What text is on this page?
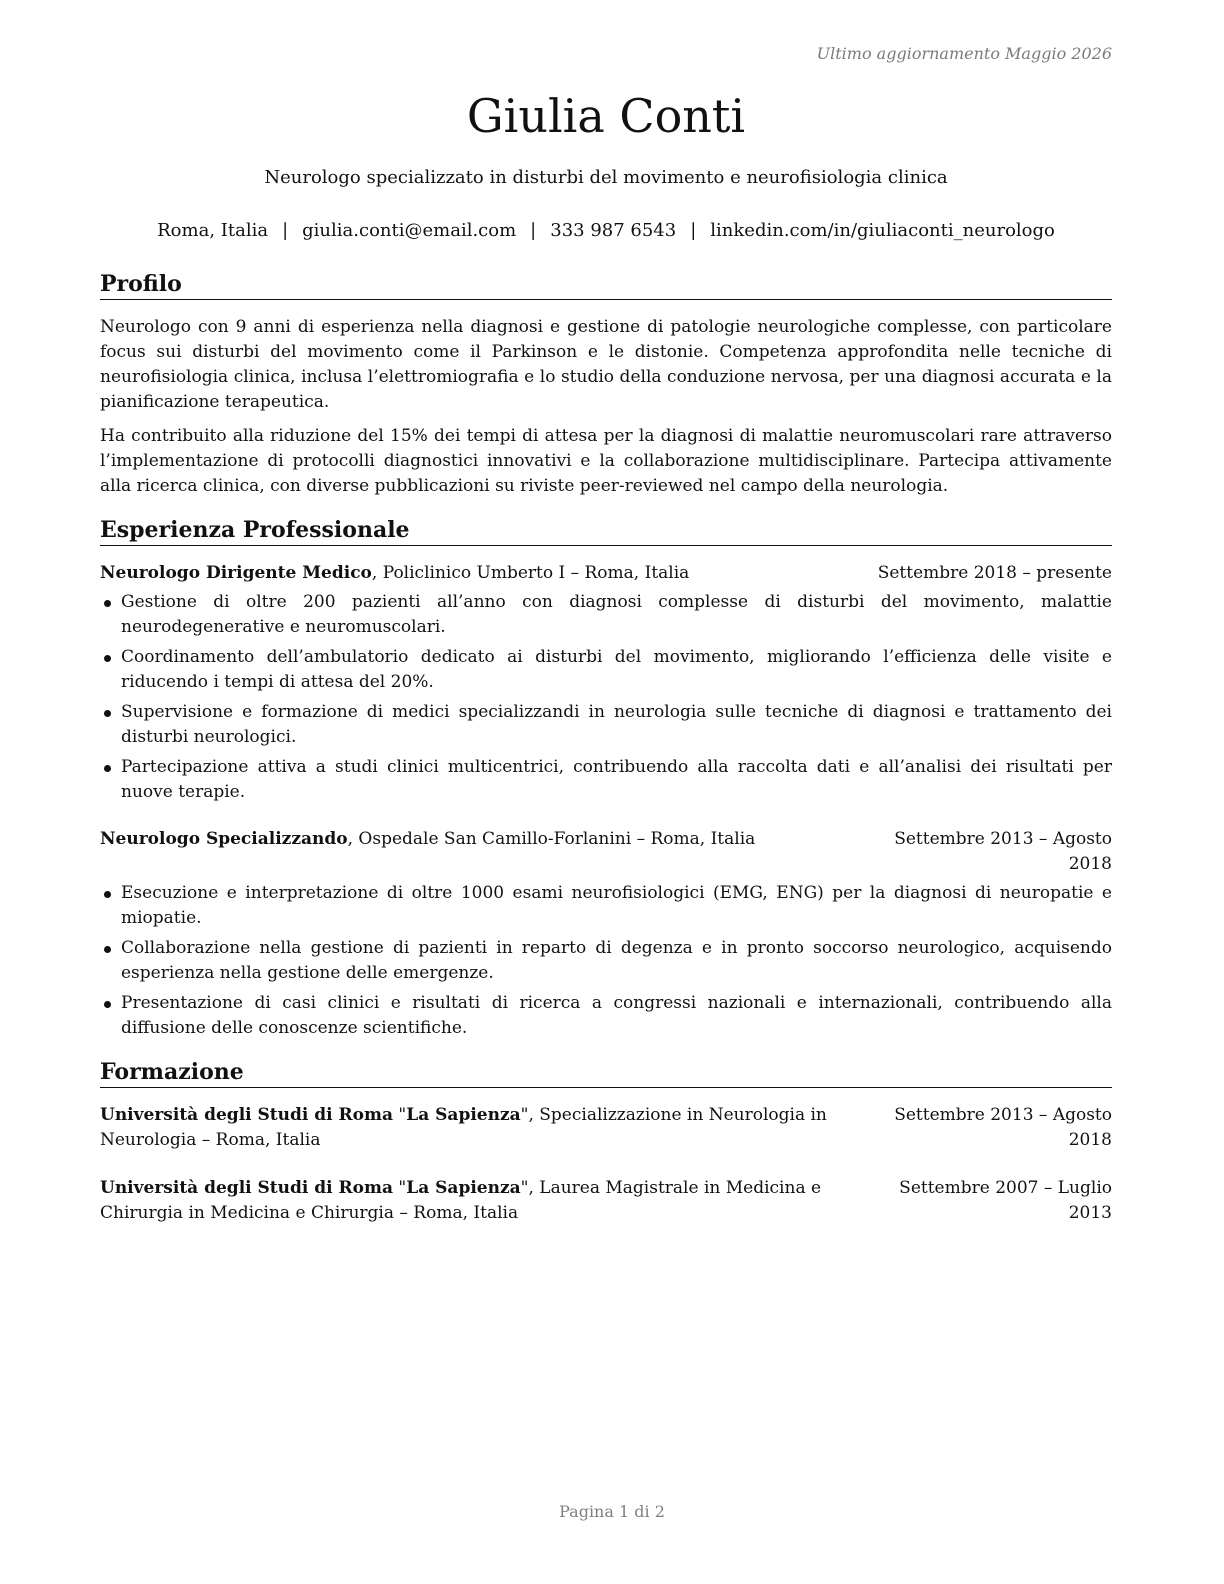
Ultimo aggiornamento Maggio 2026
Giulia Conti
Neurologo specializzato in disturbi del movimento e neurofisiologia clinica
Roma, Italia | giulia.conti@email.com | 333 987 6543 | linkedin.com/in/giuliaconti_neurologo
Profilo

Neurologo con 9 anni di esperienza nella diagnosi e gestione di patologie neurologiche complesse, con particolare focus sui disturbi del movimento come il Parkinson e le distonie. Competenza approfondita nelle tecniche di neurofisiologia clinica, inclusa l’elettromiografia e lo studio della conduzione nervosa, per una diagnosi accurata e la pianificazione terapeutica.

Ha contribuito alla riduzione del 15% dei tempi di attesa per la diagnosi di malattie neuromuscolari rare attraverso l’implementazione di protocolli diagnostici innovativi e la collaborazione multidisciplinare. Partecipa attivamente alla ricerca clinica, con diverse pubblicazioni su riviste peer-reviewed nel campo della neurologia.

Esperienza Professionale
Neurologo Dirigente Medico, Policlinico Umberto I – Roma, Italia	Settembre 2018 – presente
Gestione di oltre 200 pazienti all’anno con diagnosi complesse di disturbi del movimento, malattie neurodegenerative e neuromuscolari.
Coordinamento dell’ambulatorio dedicato ai disturbi del movimento, migliorando l’efficienza delle visite e riducendo i tempi di attesa del 20%.
Supervisione e formazione di medici specializzandi in neurologia sulle tecniche di diagnosi e trattamento dei disturbi neurologici.
Partecipazione attiva a studi clinici multicentrici, contribuendo alla raccolta dati e all’analisi dei risultati per nuove terapie.
Neurologo Specializzando, Ospedale San Camillo-Forlanini – Roma, Italia	Settembre 2013 – Agosto 2018
Esecuzione e interpretazione di oltre 1000 esami neurofisiologici (EMG, ENG) per la diagnosi di neuropatie e miopatie.
Collaborazione nella gestione di pazienti in reparto di degenza e in pronto soccorso neurologico, acquisendo esperienza nella gestione delle emergenze.
Presentazione di casi clinici e risultati di ricerca a congressi nazionali e internazionali, contribuendo alla diffusione delle conoscenze scientifiche.
Formazione
Università degli Studi di Roma "La Sapienza", Specializzazione in Neurologia in Neurologia – Roma, Italia
Settembre 2013 – Agosto 2018
Università degli Studi di Roma "La Sapienza", Laurea Magistrale in Medicina e Chirurgia in Medicina e Chirurgia – Roma, Italia
Settembre 2007 – Luglio 2013
Pagina 1 di 2
